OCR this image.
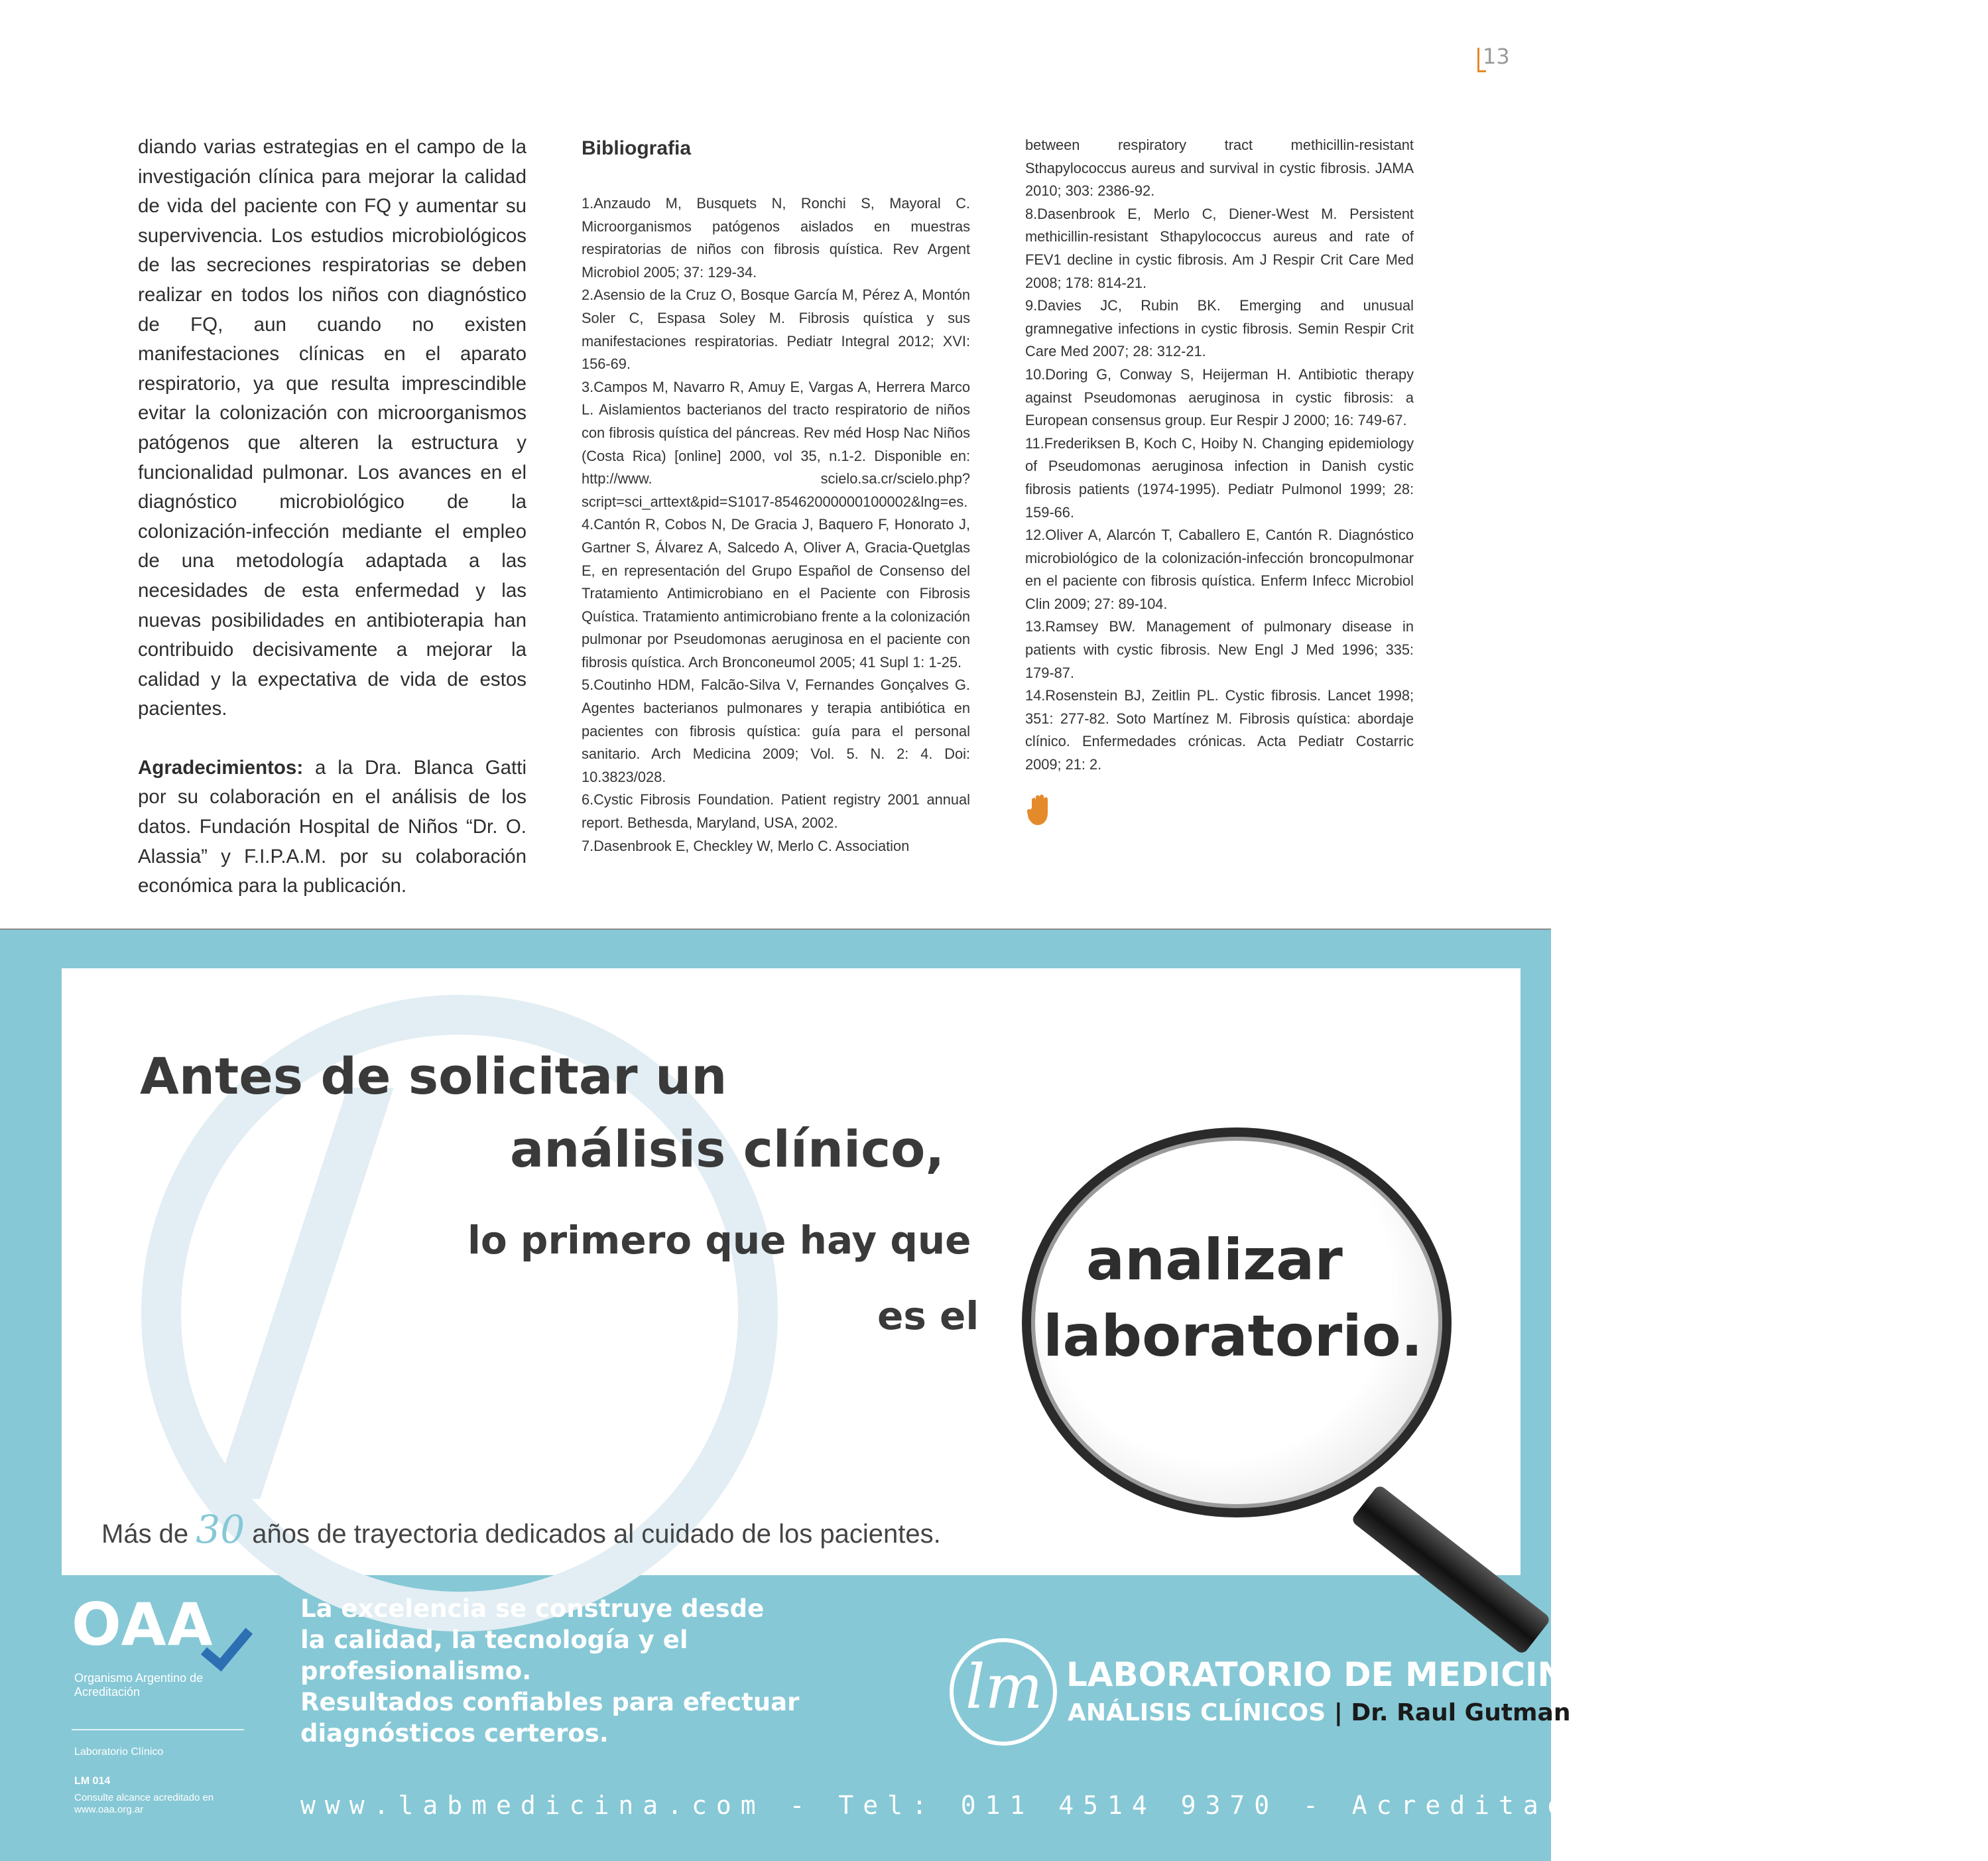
13

diando varias estrategias en el campo de la investigación clínica para mejorar la calidad de vida del paciente con FQ y aumentar su supervivencia. Los estudios microbiológicos de las secreciones respiratorias se deben realizar en todos los niños con diagnóstico de FQ, aun cuando no existen manifestaciones clínicas en el aparato respiratorio, ya que resulta imprescindible evitar la colonización con microorganismos patógenos que alteren la estructura y funcionalidad pulmonar. Los avances en el diagnóstico microbiológico de la colonización-infección mediante el empleo de una metodología adaptada a las necesidades de esta enfermedad y las nuevas posibilidades en antibioterapia han contribuido decisivamente a mejorar la calidad y la expectativa de vida de estos pacientes.

Agradecimientos: a la Dra. Blanca Gatti por su colaboración en el análisis de los datos. Fundación Hospital de Niños “Dr. O. Alassia” y F.I.P.A.M. por su colaboración económica para la publicación.

Bibliografia

1.Anzaudo M, Busquets N, Ronchi S, Mayoral C. Microorganismos patógenos aislados en muestras respiratorias de niños con fibrosis quística. Rev Argent Microbiol 2005; 37: 129-34.

2.Asensio de la Cruz O, Bosque García M, Pérez A, Montón Soler C, Espasa Soley M. Fibrosis quística y sus manifestaciones respiratorias. Pediatr Integral 2012; XVI: 156-69.

3.Campos M, Navarro R, Amuy E, Vargas A, Herrera Marco L. Aislamientos bacterianos del tracto respiratorio de niños con fibrosis quística del páncreas. Rev méd Hosp Nac Niños (Costa Rica) [online] 2000, vol 35, n.1-2. Disponible en: http://www. scielo.sa.cr/scielo.php?script=sci_arttext&pid=S1017-85462000000100002&lng=es.

4.Cantón R, Cobos N, De Gracia J, Baquero F, Honorato J, Gartner S, Álvarez A, Salcedo A, Oliver A, Gracia-Quetglas E, en representación del Grupo Español de Consenso del Tratamiento Antimicrobiano en el Paciente con Fibrosis Quística. Tratamiento antimicrobiano frente a la colonización pulmonar por Pseudomonas aeruginosa en el paciente con fibrosis quística. Arch Bronconeumol 2005; 41 Supl 1: 1-25.

5.Coutinho HDM, Falcão-Silva V, Fernandes Gonçalves G. Agentes bacterianos pulmonares y terapia antibiótica en pacientes con fibrosis quística: guía para el personal sanitario. Arch Medicina 2009; Vol. 5. N. 2: 4. Doi: 10.3823/028.

6.Cystic Fibrosis Foundation. Patient registry 2001 annual report. Bethesda, Maryland, USA, 2002.

7.Dasenbrook E, Checkley W, Merlo C. Association

between respiratory tract methicillin-resistant Sthapylococcus aureus and survival in cystic fibrosis. JAMA 2010; 303: 2386-92.

8.Dasenbrook E, Merlo C, Diener-West M. Persistent methicillin-resistant Sthapylococcus aureus and rate of FEV1 decline in cystic fibrosis. Am J Respir Crit Care Med 2008; 178: 814-21.

9.Davies JC, Rubin BK. Emerging and unusual gramnegative infections in cystic fibrosis. Semin Respir Crit Care Med 2007; 28: 312-21.

10.Doring G, Conway S, Heijerman H. Antibiotic therapy against Pseudomonas aeruginosa in cystic fibrosis: a European consensus group. Eur Respir J 2000; 16: 749-67.

11.Frederiksen B, Koch C, Hoiby N. Changing epidemiology of Pseudomonas aeruginosa infection in Danish cystic fibrosis patients (1974-1995). Pediatr Pulmonol 1999; 28: 159-66.

12.Oliver A, Alarcón T, Caballero E, Cantón R. Diagnóstico microbiológico de la colonización-infección broncopulmonar en el paciente con fibrosis quística. Enferm Infecc Microbiol Clin 2009; 27: 89-104.

13.Ramsey BW. Management of pulmonary disease in patients with cystic fibrosis. New Engl J Med 1996; 335: 179-87.

14.Rosenstein BJ, Zeitlin PL. Cystic fibrosis. Lancet 1998; 351: 277-82. Soto Martínez M. Fibrosis quística: abordaje clínico. Enfermedades crónicas. Acta Pediatr Costarric 2009; 21: 2.

Antes de solicitar un
análisis clínico,
lo primero que hay que
es el
analizar
laboratorio.
Más de 30 años de trayectoria dedicados al cuidado de los pacientes.
OAA
Organismo Argentino de Acreditación
Laboratorio Clínico
LM 014
Consulte alcance acreditado en www.oaa.org.ar
La excelencia se construye desde
la calidad, la tecnología y el profesionalismo.
Resultados confiables para efectuar
diagnósticos certeros.
lm LABORATORIO DE MEDICINA
ANÁLISIS CLÍNICOS | Dr. Raul Gutman
www.labmedicina.com - Tel: 011 4514 9370 - Acreditado Norma ISO 15189
